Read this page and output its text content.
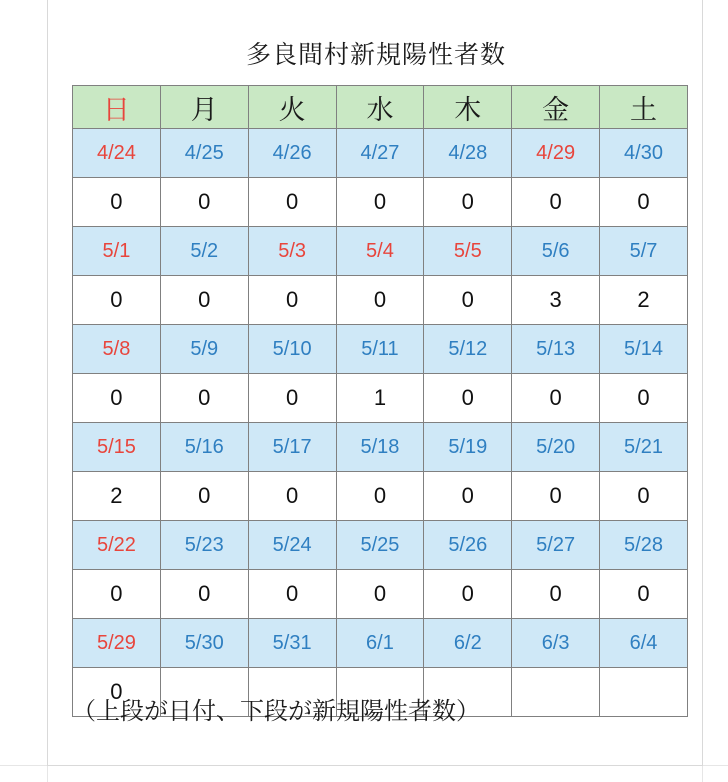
多良間村新規陽性者数
日	月	火	水	木	金	土
4/24	4/25	4/26	4/27	4/28	4/29	4/30
0	0	0	0	0	0	0
5/1	5/2	5/3	5/4	5/5	5/6	5/7
0	0	0	0	0	3	2
5/8	5/9	5/10	5/11	5/12	5/13	5/14
0	0	0	1	0	0	0
5/15	5/16	5/17	5/18	5/19	5/20	5/21
2	0	0	0	0	0	0
5/22	5/23	5/24	5/25	5/26	5/27	5/28
0	0	0	0	0	0	0
5/29	5/30	5/31	6/1	6/2	6/3	6/4
0						
（上段が日付、下段が新規陽性者数）
